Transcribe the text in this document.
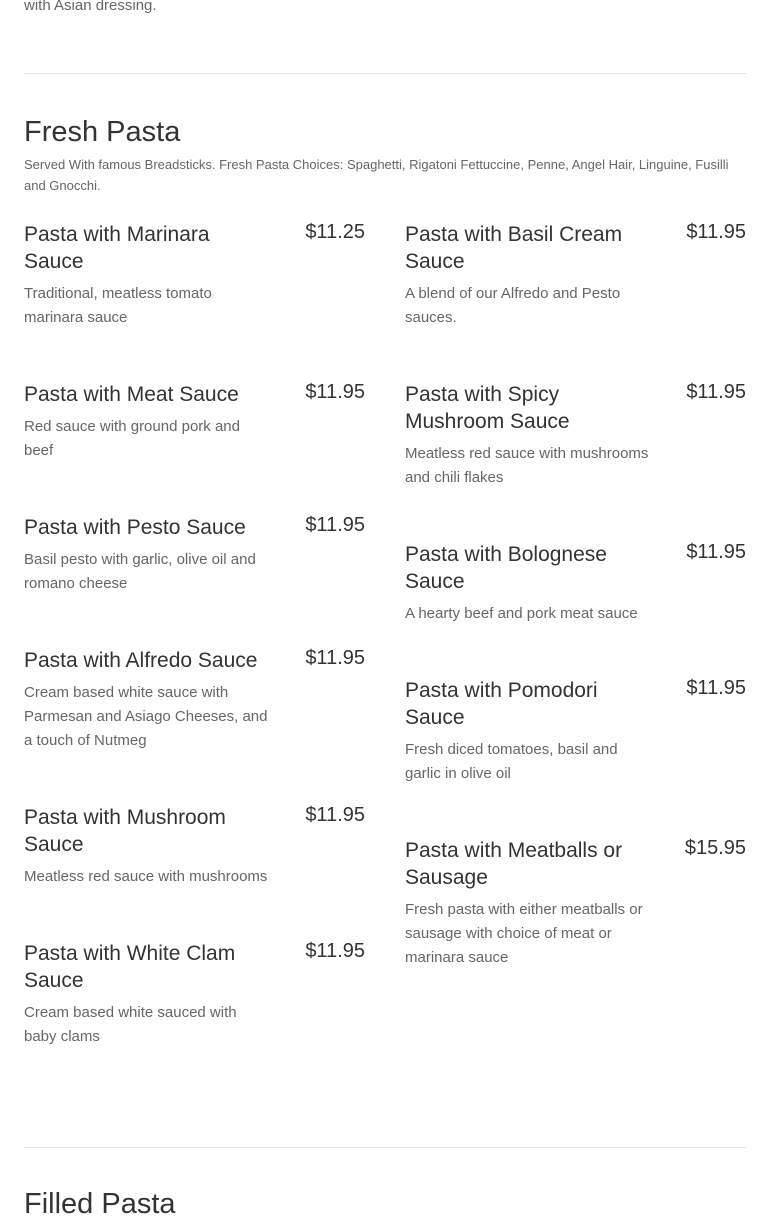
with Asian dressing.

Fresh Pasta

Served With famous Breadsticks. Fresh Pasta Choices: Spaghetti, Rigatoni Fettuccine, Penne, Angel Hair, Linguine, Fusilli and Gnocchi.

Pasta with Marinara Sauce
$11.25

Traditional, meatless tomato marinara sauce

Pasta with Meat Sauce	$11.95

Red sauce with ground pork and beef

Pasta with Pesto Sauce	$11.95

Basil pesto with garlic, olive oil and romano cheese

Pasta with Alfredo Sauce $11.95

Cream based white sauce with Parmesan and Asiago Cheeses, and a touch of Nutmeg

Pasta with Mushroom Sauce
$11.95

Meatless red sauce with mushrooms

Pasta with White Clam Sauce
$11.95

Cream based white sauced with baby clams

Pasta with Basil Cream Sauce
$11.95

A blend of our Alfredo and Pesto sauces.

Pasta with Spicy Mushroom Sauce
$11.95

Meatless red sauce with mushrooms and chili flakes

Pasta with Bolognese Sauce
$11.95

A hearty beef and pork meat sauce

Pasta with Pomodori Sauce
$11.95

Fresh diced tomatoes, basil and garlic in olive oil

Pasta with Meatballs or Sausage
$15.95

Fresh pasta with either meatballs or sausage with choice of meat or marinara sauce

Filled Pasta
